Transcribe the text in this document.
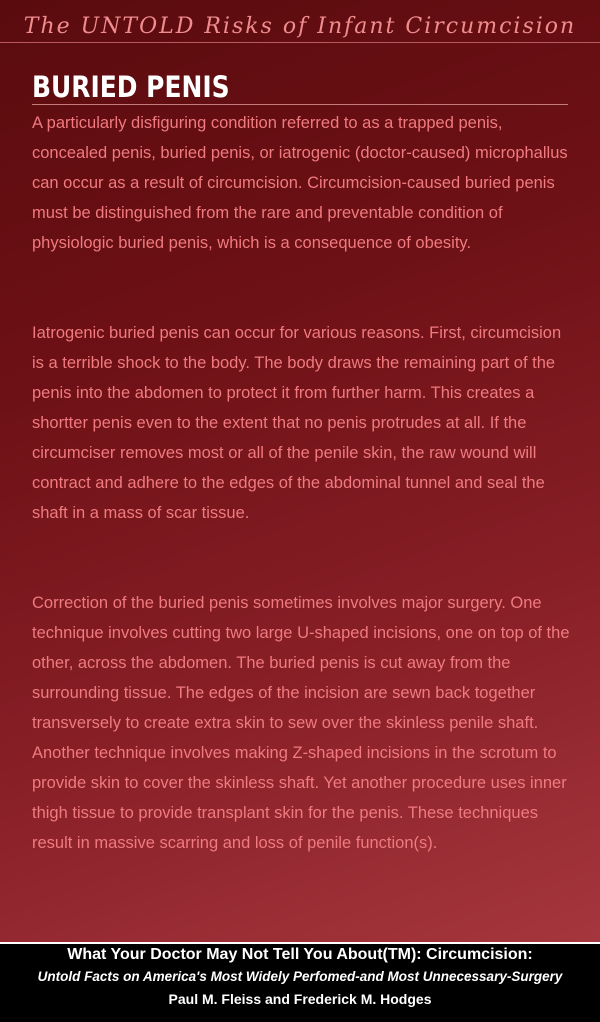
The UNTOLD Risks of Infant Circumcision
BURIED PENIS

A particularly disfiguring condition referred to as a trapped penis, concealed penis, buried penis, or iatrogenic (doctor-caused) microphallus can occur as a result of circumcision. Circumcision-caused buried penis must be distinguished from the rare and preventable condition of physiologic buried penis, which is a consequence of obesity.

Iatrogenic buried penis can occur for various reasons. First, circumcision is a terrible shock to the body. The body draws the remaining part of the penis into the abdomen to protect it from further harm. This creates a shortter penis even to the extent that no penis protrudes at all. If the circumciser removes most or all of the penile skin, the raw wound will contract and adhere to the edges of the abdominal tunnel and seal the shaft in a mass of scar tissue.

Correction of the buried penis sometimes involves major surgery. One technique involves cutting two large U-shaped incisions, one on top of the other, across the abdomen. The buried penis is cut away from the surrounding tissue. The edges of the incision are sewn back together transversely to create extra skin to sew over the skinless penile shaft. Another technique involves making Z-shaped incisions in the scrotum to provide skin to cover the skinless shaft. Yet another procedure uses inner thigh tissue to provide transplant skin for the penis. These techniques result in massive scarring and loss of penile function(s).

What Your Doctor May Not Tell You About(TM): Circumcision:
Untold Facts on America's Most Widely Perfomed-and Most Unnecessary-Surgery
Paul M. Fleiss and Frederick M. Hodges
